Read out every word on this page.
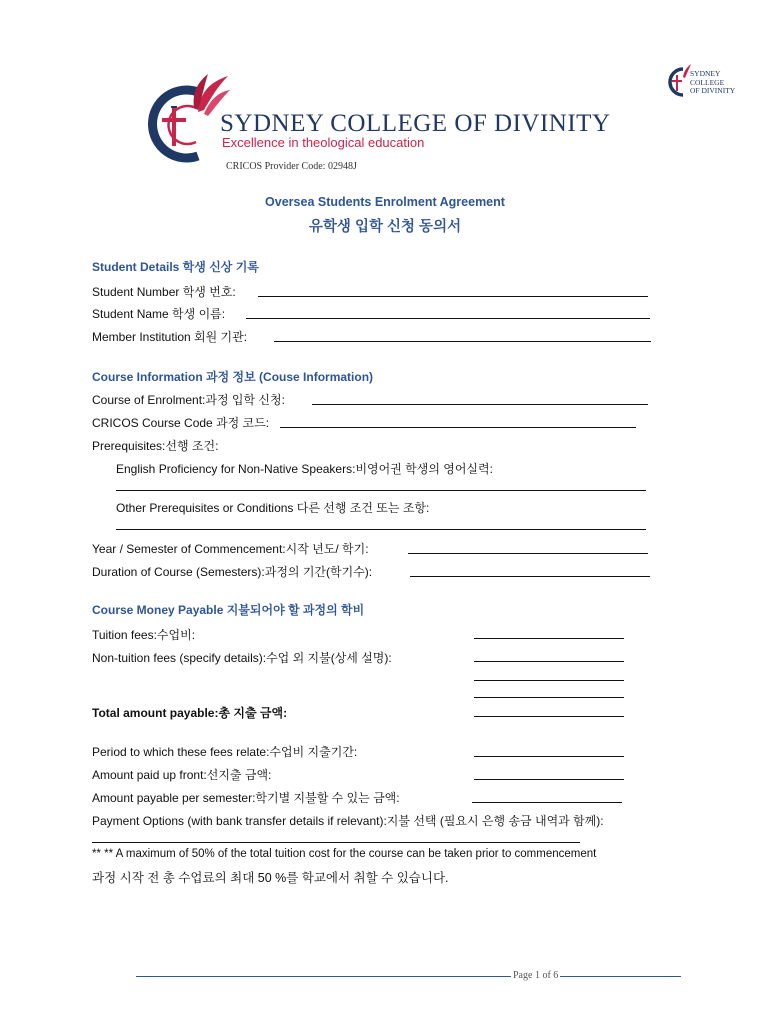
SYDNEY COLLEGE OF DIVINITY
Excellence in theological education
CRICOS Provider Code: 02948J
SYDNEY
COLLEGE
OF DIVINITY
Oversea Students Enrolment Agreement
유학생 입학 신청 동의서
Student Details 학생 신상 기록
Student Number 학생 번호:
Student Name 학생 이름:
Member Institution 회원 기관:
Course Information 과정 정보 (Couse Information)
Course of Enrolment:과정 입학 신청:
CRICOS Course Code 과정 코드:
Prerequisites:선행 조건:
English Proficiency for Non-Native Speakers:비영어권 학생의 영어실력:
Other Prerequisites or Conditions 다른 선행 조건 또는 조항:
Year / Semester of Commencement:시작 년도/ 학기:
Duration of Course (Semesters):과정의 기간(학기수):
Course Money Payable 지불되어야 할 과정의 학비
Tuition fees:수업비:
Non-tuition fees (specify details):수업 외 지불(상세 설명):
Total amount payable:총 지출 금액:
Period to which these fees relate:수업비 지출기간:
Amount paid up front:선지출 금액:
Amount payable per semester:학기별 지불할 수 있는 금액:
Payment Options (with bank transfer details if relevant):지불 선택 (필요시 은행 송금 내역과 함께):
** ** A maximum of 50% of the total tuition cost for the course can be taken prior to commencement
과정 시작 전 총 수업료의 최대 50 %를 학교에서 취할 수 있습니다.
Page 1 of 6
